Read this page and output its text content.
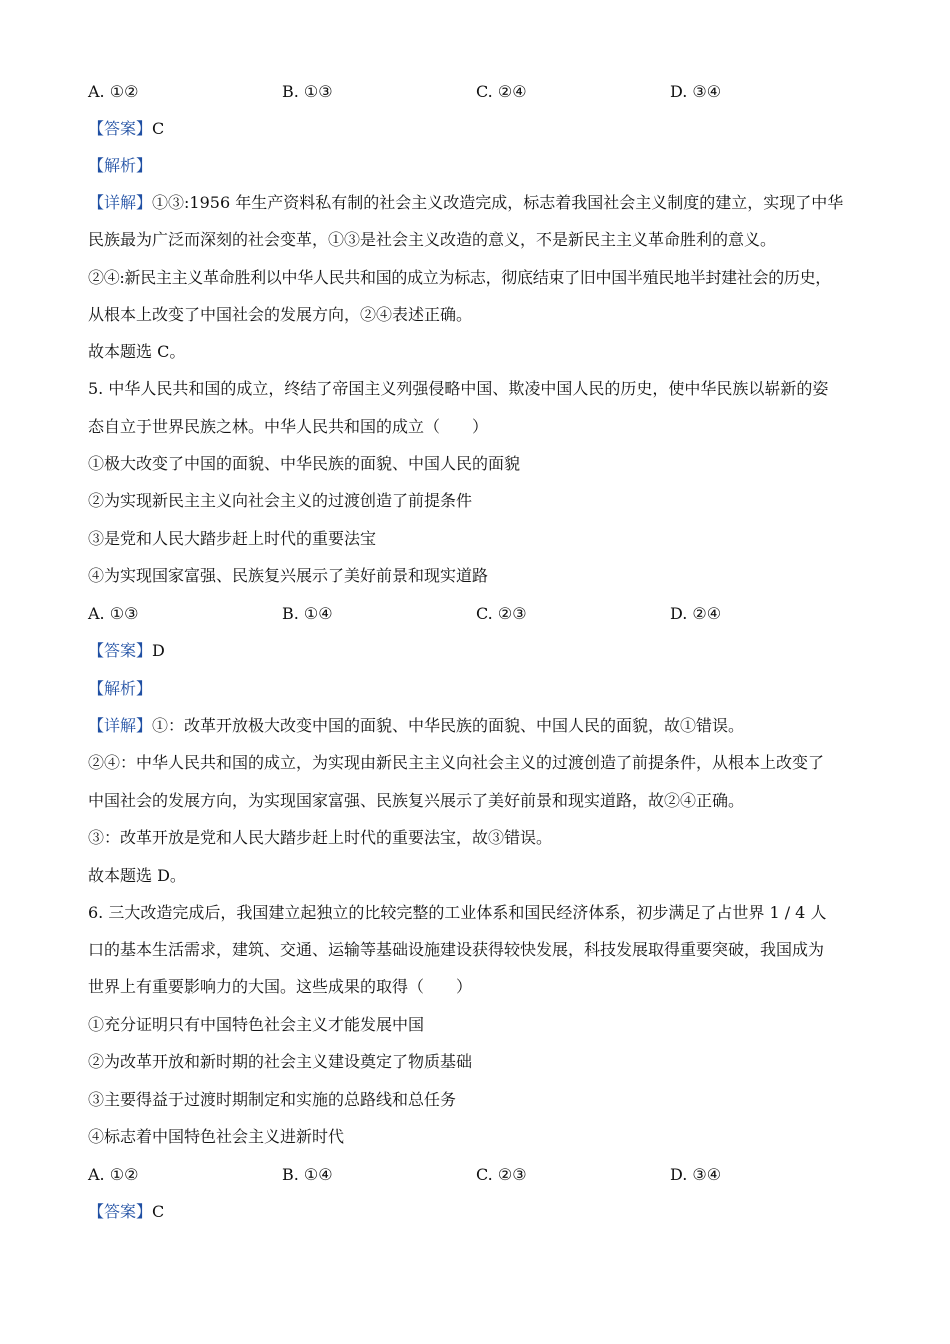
A. ①②	B. ①③	C. ②④	D. ③④
【答案】C
【解析】
【详解】①③:1956 年生产资料私有制的社会主义改造完成，标志着我国社会主义制度的建立，实现了中华
民族最为广泛而深刻的社会变革，①③是社会主义改造的意义，不是新民主主义革命胜利的意义。
②④:新民主主义革命胜利以中华人民共和国的成立为标志，彻底结束了旧中国半殖民地半封建社会的历史，
从根本上改变了中国社会的发展方向，②④表述正确。
故本题选 C。
5. 中华人民共和国的成立，终结了帝国主义列强侵略中国、欺凌中国人民的历史，使中华民族以崭新的姿
态自立于世界民族之林。中华人民共和国的成立（　　）
①极大改变了中国的面貌、中华民族的面貌、中国人民的面貌
②为实现新民主主义向社会主义的过渡创造了前提条件
③是党和人民大踏步赶上时代的重要法宝
④为实现国家富强、民族复兴展示了美好前景和现实道路
A. ①③	B. ①④	C. ②③	D. ②④
【答案】D
【解析】
【详解】①：改革开放极大改变中国的面貌、中华民族的面貌、中国人民的面貌，故①错误。
②④：中华人民共和国的成立，为实现由新民主主义向社会主义的过渡创造了前提条件，从根本上改变了
中国社会的发展方向，为实现国家富强、民族复兴展示了美好前景和现实道路，故②④正确。
③：改革开放是党和人民大踏步赶上时代的重要法宝，故③错误。
故本题选 D。
6. 三大改造完成后，我国建立起独立的比较完整的工业体系和国民经济体系，初步满足了占世界 1 / 4 人
口的基本生活需求，建筑、交通、运输等基础设施建设获得较快发展，科技发展取得重要突破，我国成为
世界上有重要影响力的大国。这些成果的取得（　　）
①充分证明只有中国特色社会主义才能发展中国
②为改革开放和新时期的社会主义建设奠定了物质基础
③主要得益于过渡时期制定和实施的总路线和总任务
④标志着中国特色社会主义进新时代
A. ①②	B. ①④	C. ②③	D. ③④
【答案】C
